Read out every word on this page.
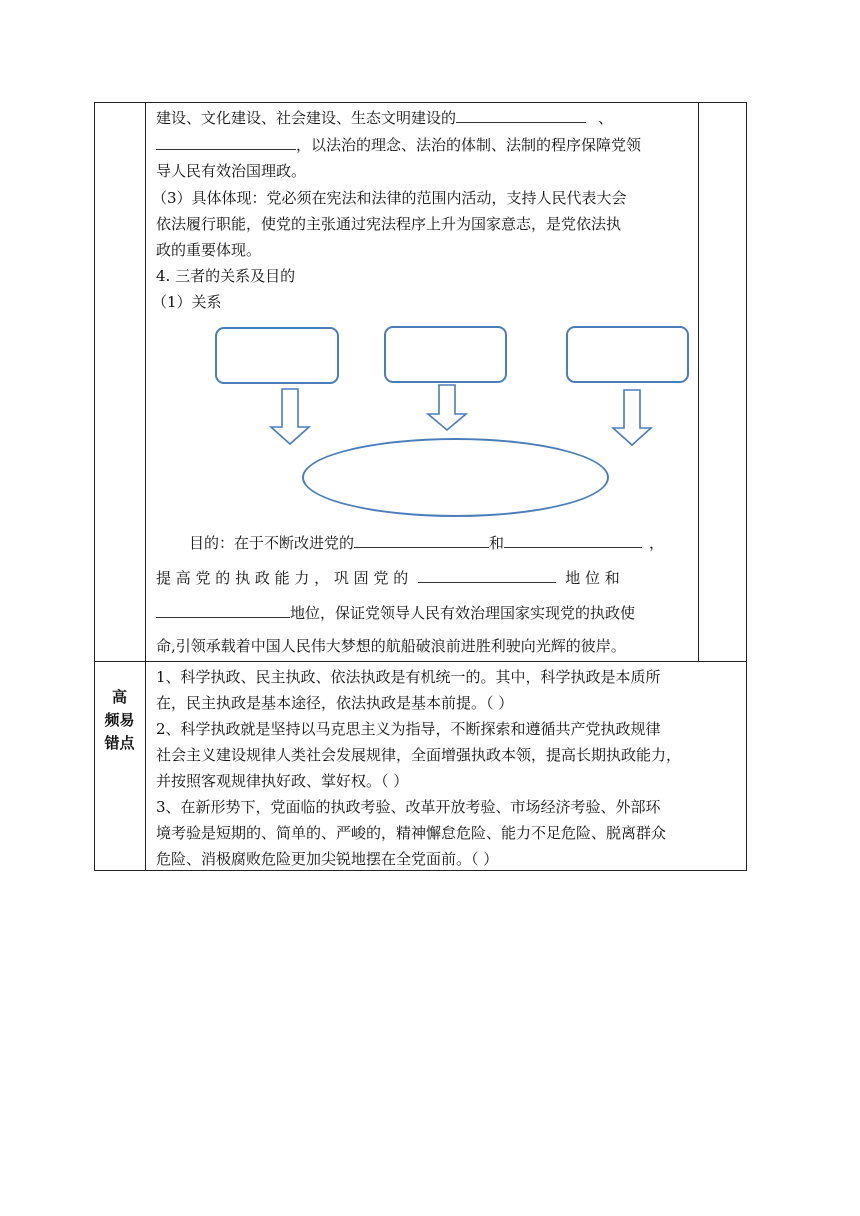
建设、文化建设、社会建设、生态文明建设的	、
，以法治的理念、法治的体制、法制的程序保障党领
导人民有效治国理政。
（3）具体体现：党必须在宪法和法律的范围内活动，支持人民代表大会
依法履行职能，使党的主张通过宪法程序上升为国家意志，是党依法执
政的重要体现。
4. 三者的关系及目的
（1）关系
目的：在于不断改进党的	和	，
提 高 党 的 执 政 能 力 ， 巩 固 党 的	地 位 和
地位，保证党领导人民有效治理国家实现党的执政使
命,引领承载着中国人民伟大梦想的航船破浪前进胜利驶向光辉的彼岸。
高
频易
错点
1、科学执政、民主执政、依法执政是有机统一的。其中，科学执政是本质所
在，民主执政是基本途径，依法执政是基本前提。（ ）
2、科学执政就是坚持以马克思主义为指导，不断探索和遵循共产党执政规律
社会主义建设规律人类社会发展规律，全面增强执政本领，提高长期执政能力，
并按照客观规律执好政、掌好权。（ ）
3、在新形势下，党面临的执政考验、改革开放考验、市场经济考验、外部环
境考验是短期的、简单的、严峻的，精神懈怠危险、能力不足危险、脱离群众
危险、消极腐败危险更加尖锐地摆在全党面前。（ ）
